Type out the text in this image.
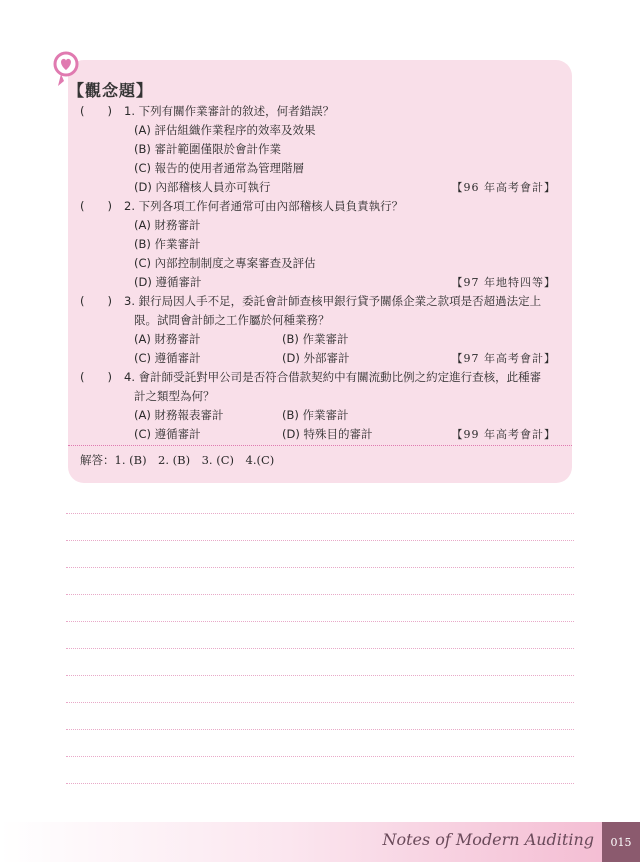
【觀念題】
(　　) 1. 下列有關作業審計的敘述，何者錯誤？
(A) 評估組織作業程序的效率及效果
(B) 審計範圍僅限於會計作業
(C) 報告的使用者通常為管理階層
(D) 內部稽核人員亦可執行	【96 年高考會計】
(　　) 2. 下列各項工作何者通常可由內部稽核人員負責執行？
(A) 財務審計
(B) 作業審計
(C) 內部控制制度之專案審查及評估
(D) 遵循審計	【97 年地特四等】
(　　) 3. 銀行局因人手不足，委託會計師查核甲銀行貸予關係企業之款項是否超過法定上
限。試問會計師之工作屬於何種業務？
(A) 財務審計	(B) 作業審計
(C) 遵循審計	(D) 外部審計	【97 年高考會計】
(　　) 4. 會計師受託對甲公司是否符合借款契約中有關流動比例之約定進行查核，此種審
計之類型為何？
(A) 財務報表審計	(B) 作業審計
(C) 遵循審計	(D) 特殊目的審計	【99 年高考會計】
解答：1. (B)　2. (B)　3. (C)　4.(C)
Notes of Modern Auditing	015
